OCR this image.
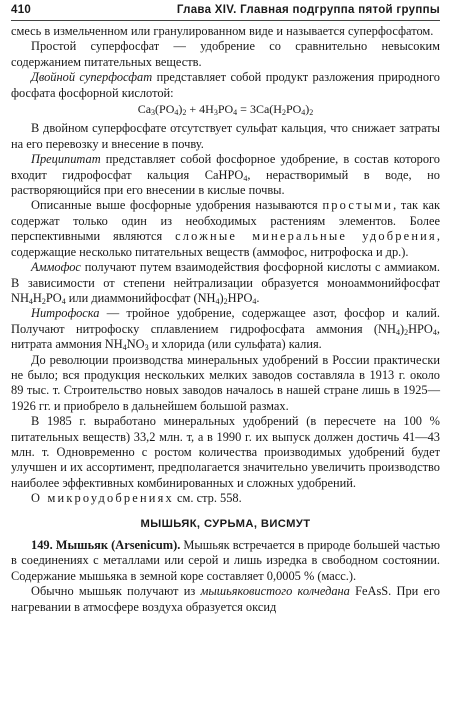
410	Глава XIV. Главная подгруппа пятой группы

смесь в измельченном или гранулированном виде и называется суперфосфатом.

Простой суперфосфат — удобрение со сравнительно невысоким содержанием питательных веществ.

Двойной суперфосфат представляет собой продукт разложения природного фосфата фосфорной кислотой:

$Ca_3(PO_4)_2 + 4H_3PO_4 = 3Ca(H_2PO_4)_2$

В двойном суперфосфате отсутствует сульфат кальция, что снижает затраты на его перевозку и внесение в почву.

Преципитат представляет собой фосфорное удобрение, в состав которого входит гидрофосфат кальция CaHPO$_4$, нерастворимый в воде, но растворяющийся при его внесении в кислые почвы.

Описанные выше фосфорные удобрения называются простыми, так как содержат только один из необходимых растениям элементов. Более перспективными являются сложные минеральные удобрения, содержащие несколько питательных веществ (аммофос, нитрофоска и др.).

Аммофос получают путем взаимодействия фосфорной кислоты с аммиаком. В зависимости от степени нейтрализации образуется моноаммонийфосфат $NH_4H_2PO_4$ или диаммонийфосфат $(NH_4)_2HPO_4$.

Нитрофоска — тройное удобрение, содержащее азот, фосфор и калий. Получают нитрофоску сплавлением гидрофосфата аммония $(NH_4)_2HPO_4$, нитрата аммония $NH_4NO_3$ и хлорида (или сульфата) калия.

До революции производства минеральных удобрений в России практически не было; вся продукция нескольких мелких заводов составляла в 1913 г. около 89 тыс. т. Строительство новых заводов началось в нашей стране лишь в 1925—1926 гг. и приобрело в дальнейшем большой размах.

В 1985 г. выработано минеральных удобрений (в пересчете на 100 % питательных веществ) 33,2 млн. т, а в 1990 г. их выпуск должен достичь 41—43 млн. т. Одновременно с ростом количества производимых удобрений будет улучшен и их ассортимент, предполагается значительно увеличить производство наиболее эффективных комбинированных и сложных удобрений.

О микроудобрениях см. стр. 558.

МЫШЬЯК, СУРЬМА, ВИСМУТ

149. Мышьяк (Arsenicum). Мышьяк встречается в природе большей частью в соединениях с металлами или серой и лишь изредка в свободном состоянии. Содержание мышьяка в земной коре составляет 0,0005 % (масс.).

Обычно мышьяк получают из мышьяковистого колчедана FeAsS. При его нагревании в атмосфере воздуха образуется оксид
